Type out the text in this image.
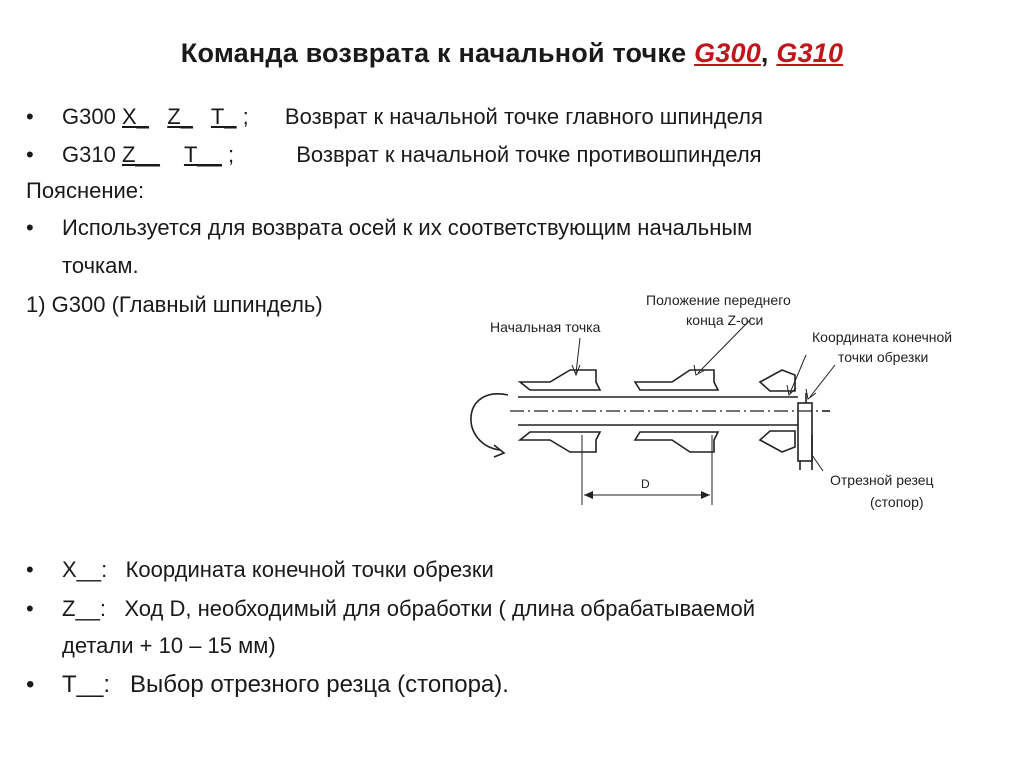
Команда возврата к начальной точке G300, G310
• G300 X_ Z_ T_ ; Возврат к начальной точке главного шпинделя
• G310 Z__ T__ ;	Возврат к начальной точке противошпинделя
Пояснение:
• Используется для возврата осей к их соответствующим начальным
точкам.
1) G300 (Главный шпиндель)
Начальная точка
Положение переднего
конца Z-оси
Координата конечной
точки обрезки
Отрезной резец
(стопор)
D
• X__: Координата конечной точки обрезки
• Z__: Ход D, необходимый для обработки ( длина обрабатываемой
детали + 10 – 15 мм)
• T__: Выбор отрезного резца (стопора).
